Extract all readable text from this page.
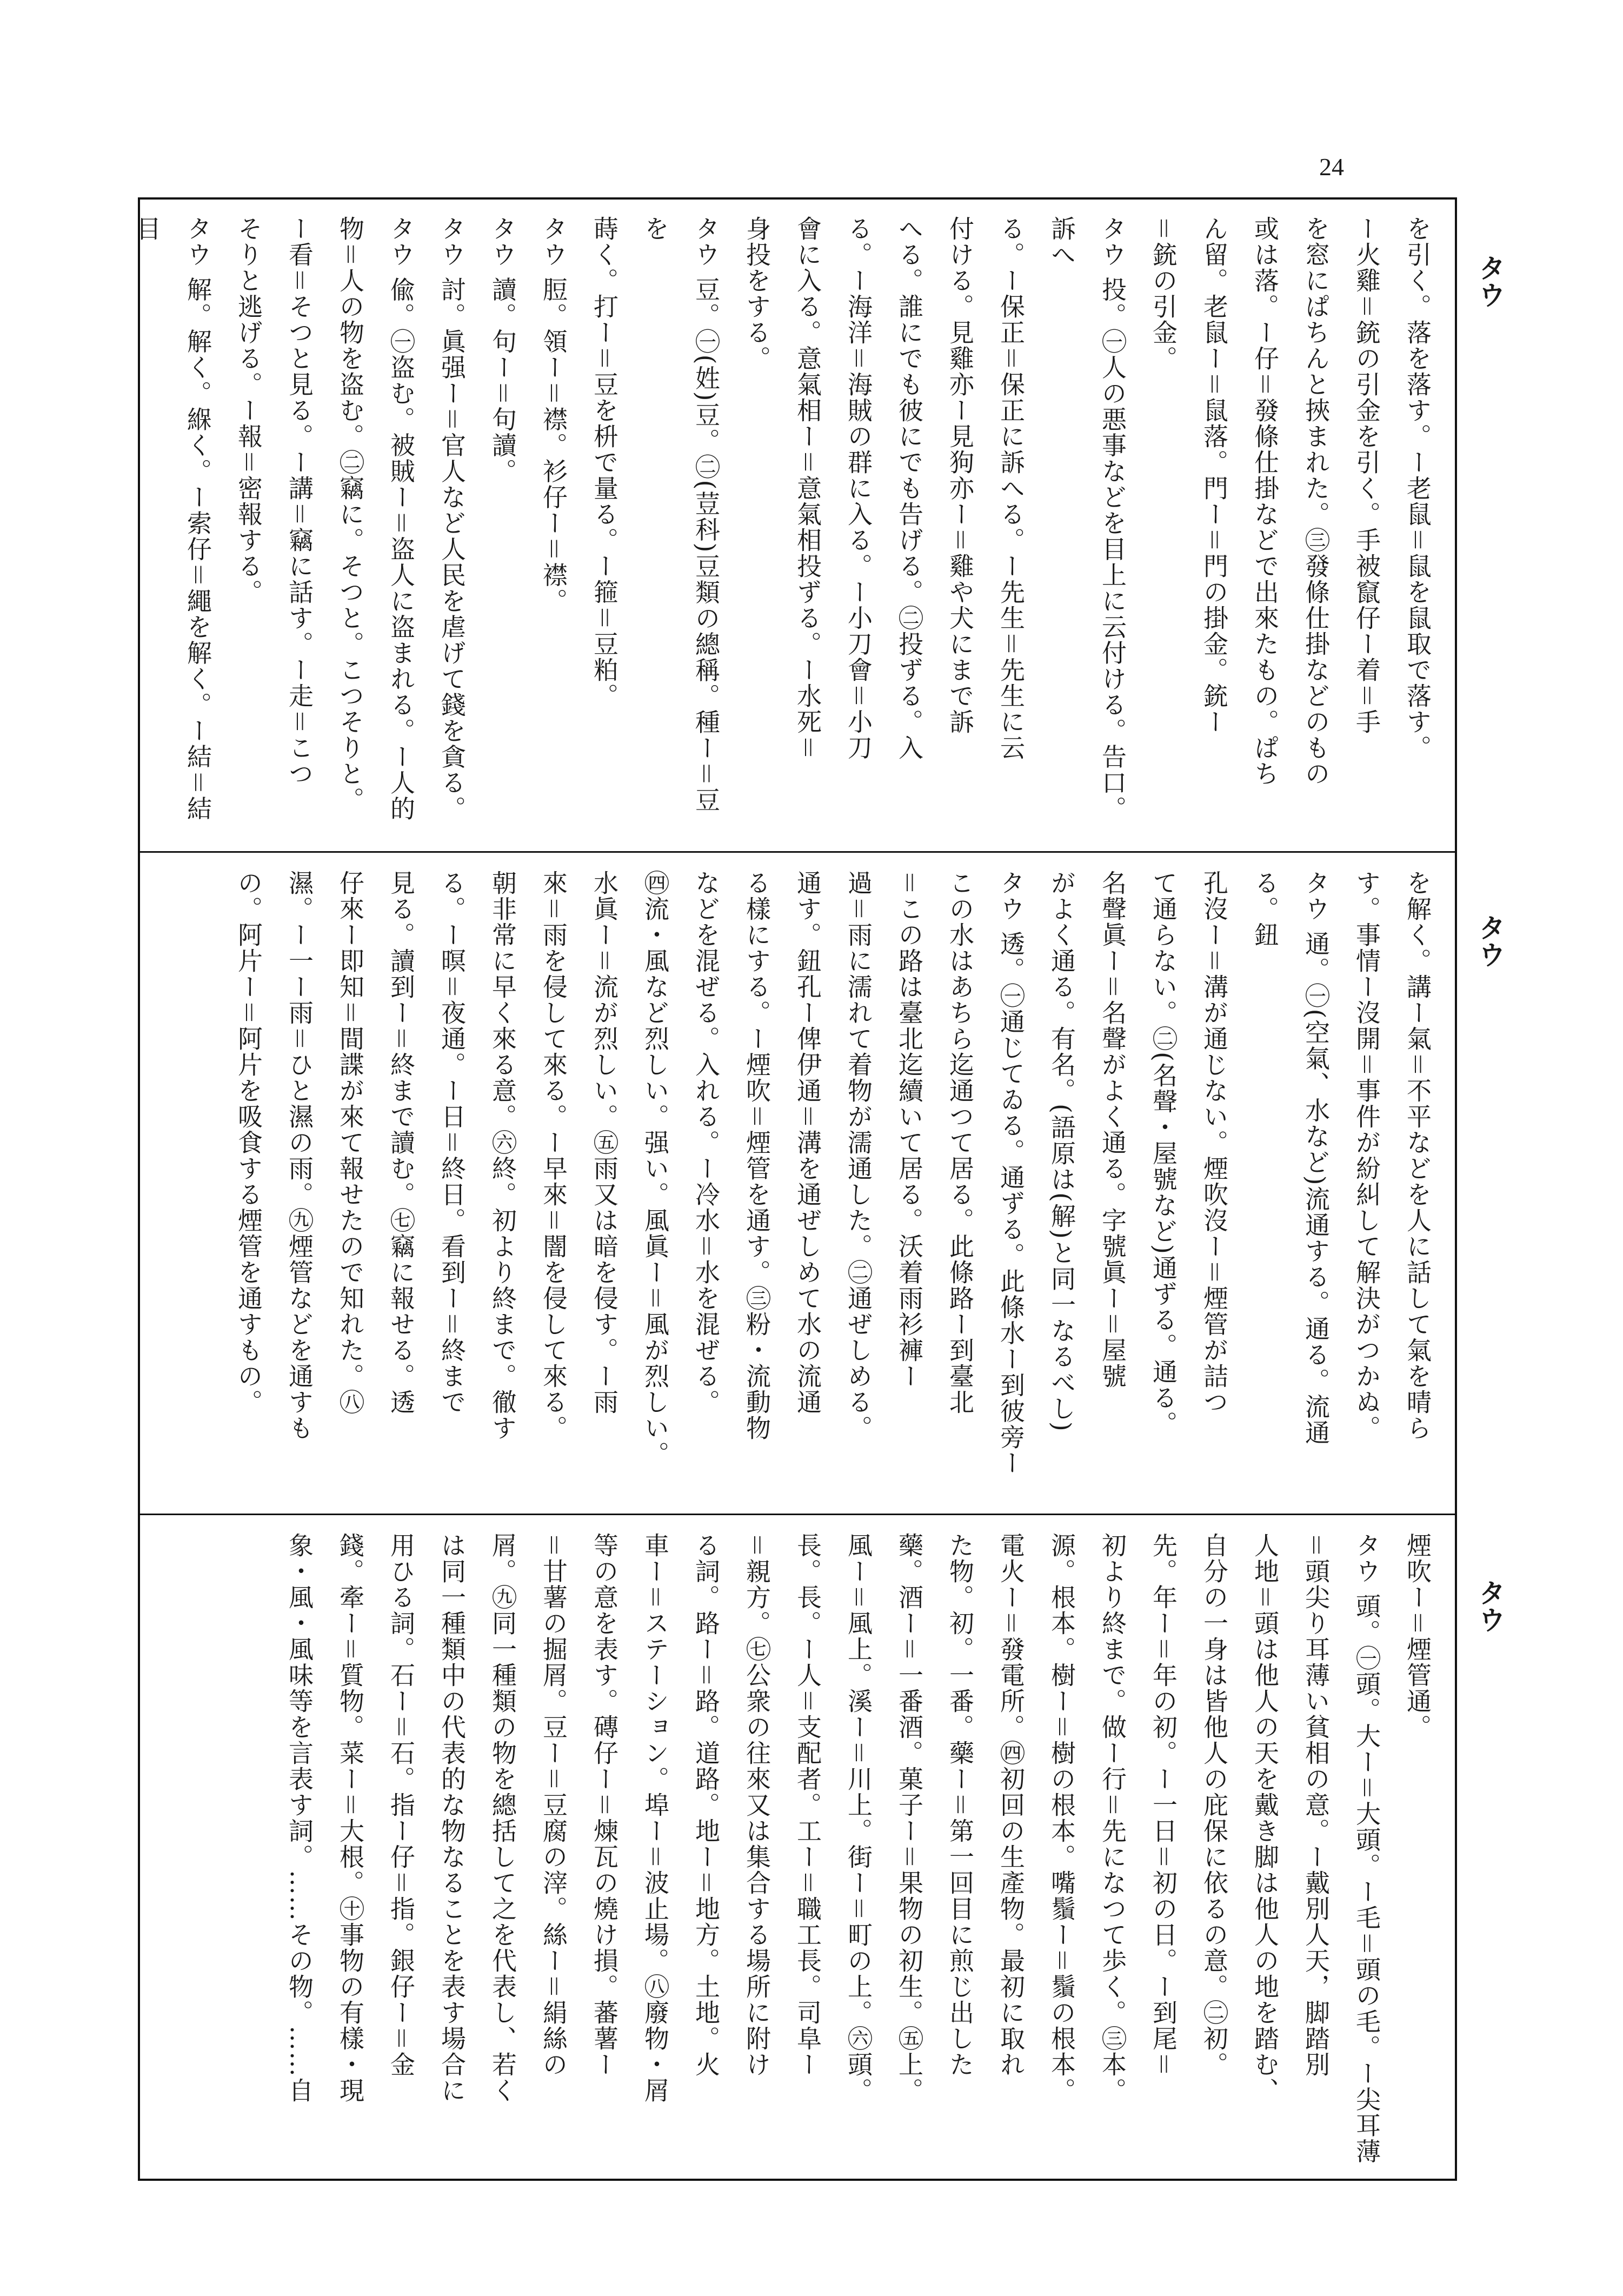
24
タウ
タウ
タウ
を引く。落を落す。ー老鼠＝鼠を鼠取で落す。
ー火雞＝銃の引金を引く。手被竄仔ー着＝手
を窓にぱちんと挾まれた。㊂發條仕掛などのもの
或は落。ー仔＝發條仕掛などで出來たもの。ぱち
ん留。老鼠ー＝鼠落。門ー＝門の掛金。銃ー
＝銃の引金。
タウ 投。㊀人の悪事などを目上に云付ける。告口。訴へ
る。ー保正＝保正に訴へる。ー先生＝先生に云
付ける。見雞亦ー見狗亦ー＝雞や犬にまで訴
へる。誰にでも彼にでも告げる。㊁投ずる。入
る。ー海洋＝海賊の群に入る。ー小刀會＝小刀
會に入る。意氣相ー＝意氣相投ずる。ー水死＝
身投をする。
タウ 豆。㊀(姓)豆。㊁(荳科)豆類の總稱。種ー＝豆を
蒔く。打ー＝豆を枡で量る。ー箍＝豆粕。
タウ 脰。領ー＝襟。衫仔ー＝襟。
タウ 讀。句ー＝句讀。
タウ 討。眞强ー＝官人など人民を虐げて錢を貪る。
タウ 偸。㊀盗む。被賊ー＝盗人に盗まれる。ー人的
物＝人の物を盗む。㊁竊に。そつと。こつそりと。
ー看＝そつと見る。ー講＝竊に話す。ー走＝こつ
そりと逃げる。ー報＝密報する。
タウ 解。解く。緥く。ー索仔＝繩を解く。ー結＝結目
を解く。講ー氣＝不平などを人に話して氣を晴ら
す。事情ー沒開＝事件が紛糾して解決がつかぬ。
タウ 通。㊀(空氣、水など)流通する。通る。流通る。鈕
孔沒ー＝溝が通じない。煙吹沒ー＝煙管が詰つ
て通らない。㊁(名聲・屋號など)通ずる。通る。
名聲眞ー＝名聲がよく通る。字號眞ー＝屋號
がよく通る。有名。(語原は(解)と同一なるべし)
タウ 透。㊀通じてゐる。通ずる。此條水ー到彼旁ー
この水はあちら迄通つて居る。此條路ー到臺北
＝この路は臺北迄續いて居る。沃着雨衫褲ー
過＝雨に濡れて着物が濡通した。㊁通ぜしめる。
通す。鈕孔ー俾伊通＝溝を通ぜしめて水の流通
る樣にする。ー煙吹＝煙管を通す。㊂粉・流動物
などを混ぜる。入れる。ー冷水＝水を混ぜる。
㊃流・風など烈しい。强い。風眞ー＝風が烈しい。
水眞ー＝流が烈しい。㊄雨又は暗を侵す。ー雨
來＝雨を侵して來る。ー早來＝闇を侵して來る。
朝非常に早く來る意。㊅終。初より終まで。徹す
る。ー暝＝夜通。ー日＝終日。看到ー＝終まで
見る。讀到ー＝終まで讀む。㊆竊に報せる。透
仔來ー即知＝間諜が來て報せたので知れた。㊇
濕。ー一ー雨＝ひと濕の雨。㊈煙管などを通すも
の。阿片ー＝阿片を吸食する煙管を通すもの。
煙吹ー＝煙管通。
タウ 頭。㊀頭。大ー＝大頭。ー毛＝頭の毛。ー尖耳薄
＝頭尖り耳薄い貧相の意。ー戴別人天，脚踏別
人地＝頭は他人の天を戴き脚は他人の地を踏む、
自分の一身は皆他人の庇保に依るの意。㊁初。
先。年ー＝年の初。ー一日＝初の日。ー到尾＝
初より終まで。做ー行＝先になつて歩く。㊂本。
源。根本。樹ー＝樹の根本。嘴鬚ー＝鬚の根本。
電火ー＝發電所。㊃初回の生產物。最初に取れ
た物。初。一番。藥ー＝第一回目に煎じ出した
藥。酒ー＝一番酒。菓子ー＝果物の初生。㊄上。
風ー＝風上。溪ー＝川上。街ー＝町の上。㊅頭。
長。長。ー人＝支配者。工ー＝職工長。司阜ー
＝親方。㊆公衆の往來又は集合する場所に附け
る詞。路ー＝路。道路。地ー＝地方。土地。火
車ー＝ステーション。埠ー＝波止場。㊇廢物・屑
等の意を表す。磚仔ー＝煉瓦の燒け損。蕃薯ー
＝甘薯の掘屑。豆ー＝豆腐の滓。絲ー＝絹絲の
屑。㊈同一種類の物を總括して之を代表し、若く
は同一種類中の代表的な物なることを表す場合に
用ひる詞。石ー＝石。指ー仔＝指。銀仔ー＝金
錢。牽ー＝質物。菜ー＝大根。㊉事物の有樣・現
象・風・風味等を言表す詞。……その物。……自
